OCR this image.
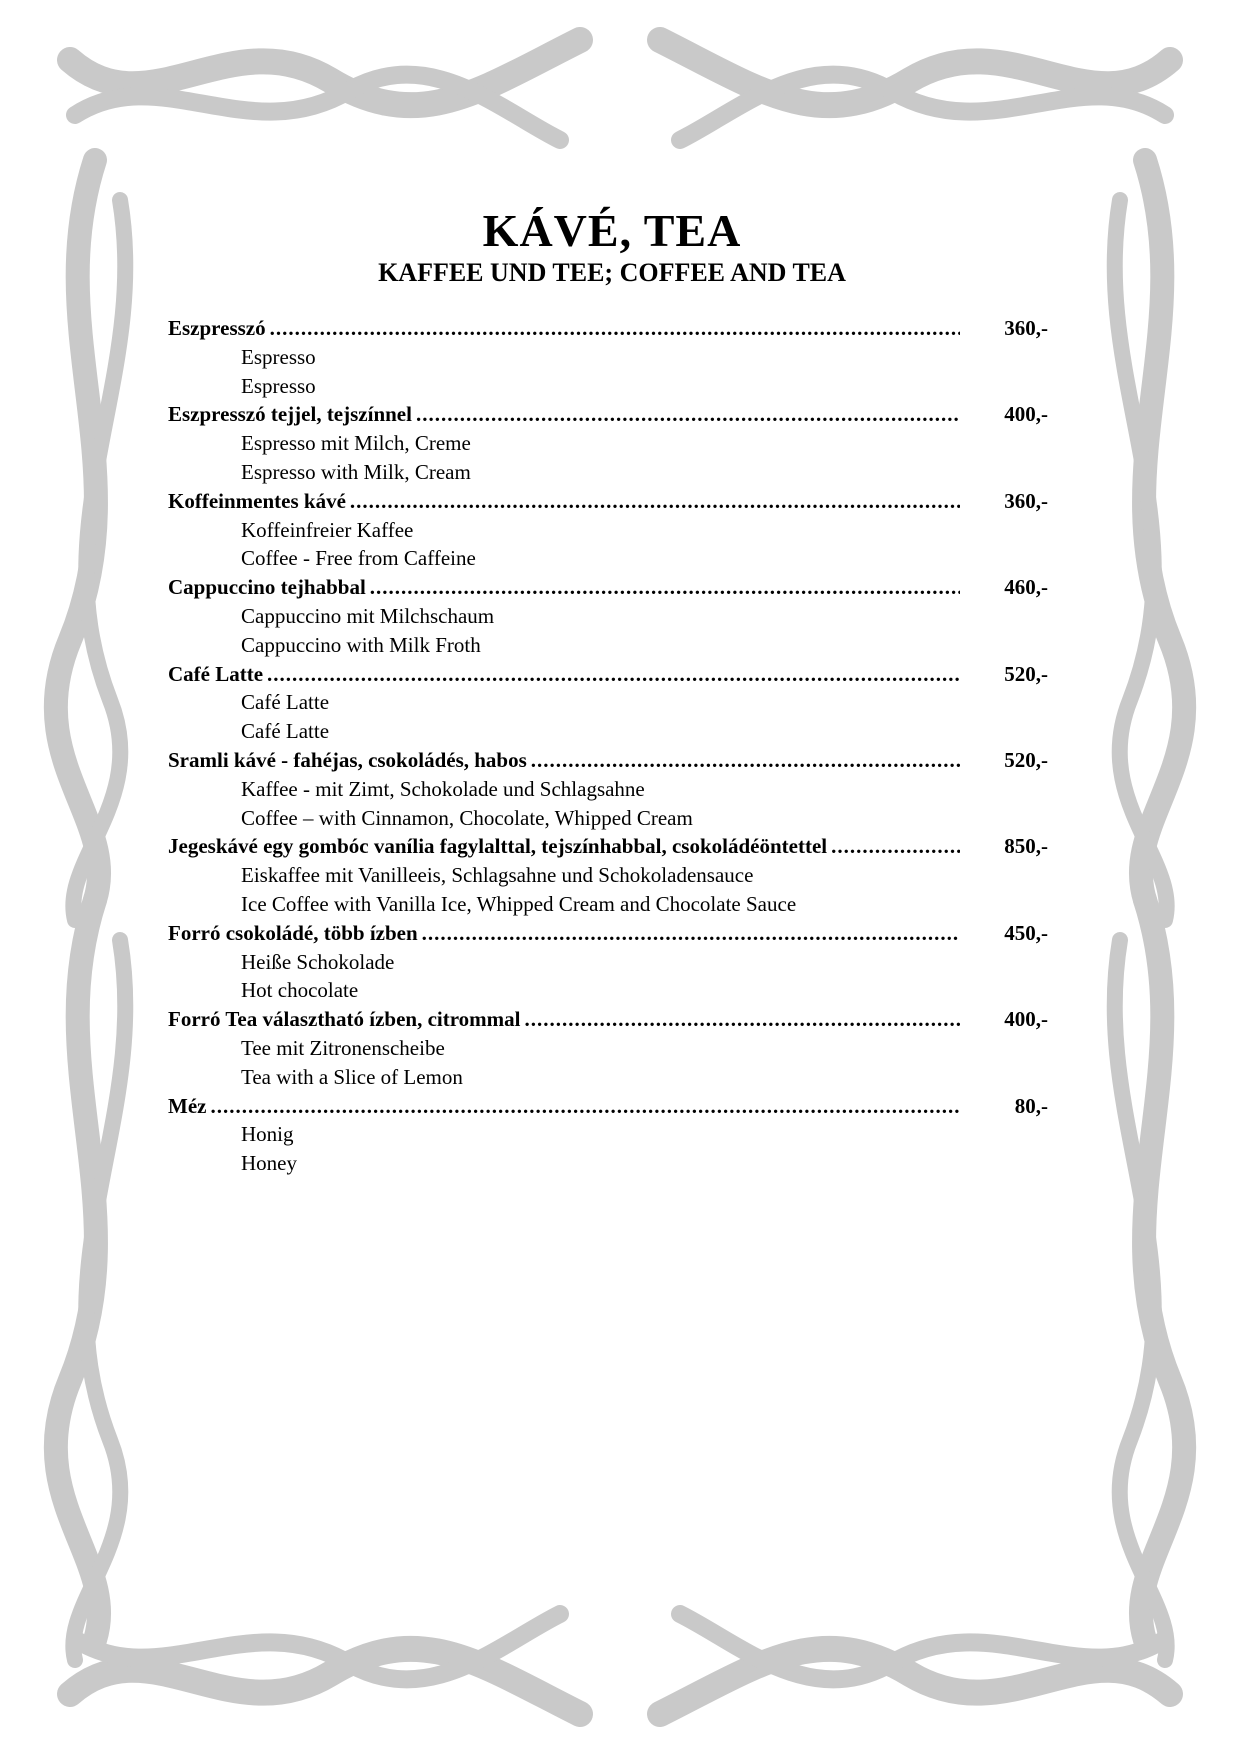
KÁVÉ, TEA
KAFFEE UND TEE; COFFEE AND TEA
Eszpresszó .....	360,-
Espresso
Espresso
Eszpresszó tejjel, tejszínnel .....	400,-
Espresso mit Milch, Creme
Espresso with Milk, Cream
Koffeinmentes kávé .....	360,-
Koffeinfreier Kaffee
Coffee - Free from Caffeine
Cappuccino tejhabbal .....	460,-
Cappuccino mit Milchschaum
Cappuccino with Milk Froth
Café Latte .....	520,-
Café Latte
Café Latte
Sramli kávé - fahéjas, csokoládés, habos .....	520,-
Kaffee - mit Zimt, Schokolade und Schlagsahne
Coffee – with Cinnamon, Chocolate, Whipped Cream
Jegeskávé egy gombóc vanília fagylalttal, tejszínhabbal, csokoládéöntettel .....	850,-
Eiskaffee mit Vanilleeis, Schlagsahne und Schokoladensauce
Ice Coffee with Vanilla Ice, Whipped Cream and Chocolate Sauce
Forró csokoládé, több ízben .....	450,-
Heiße Schokolade
Hot chocolate
Forró Tea választható ízben, citrommal .....	400,-
Tee mit Zitronenscheibe
Tea with a Slice of Lemon
Méz .....	80,-
Honig
Honey
